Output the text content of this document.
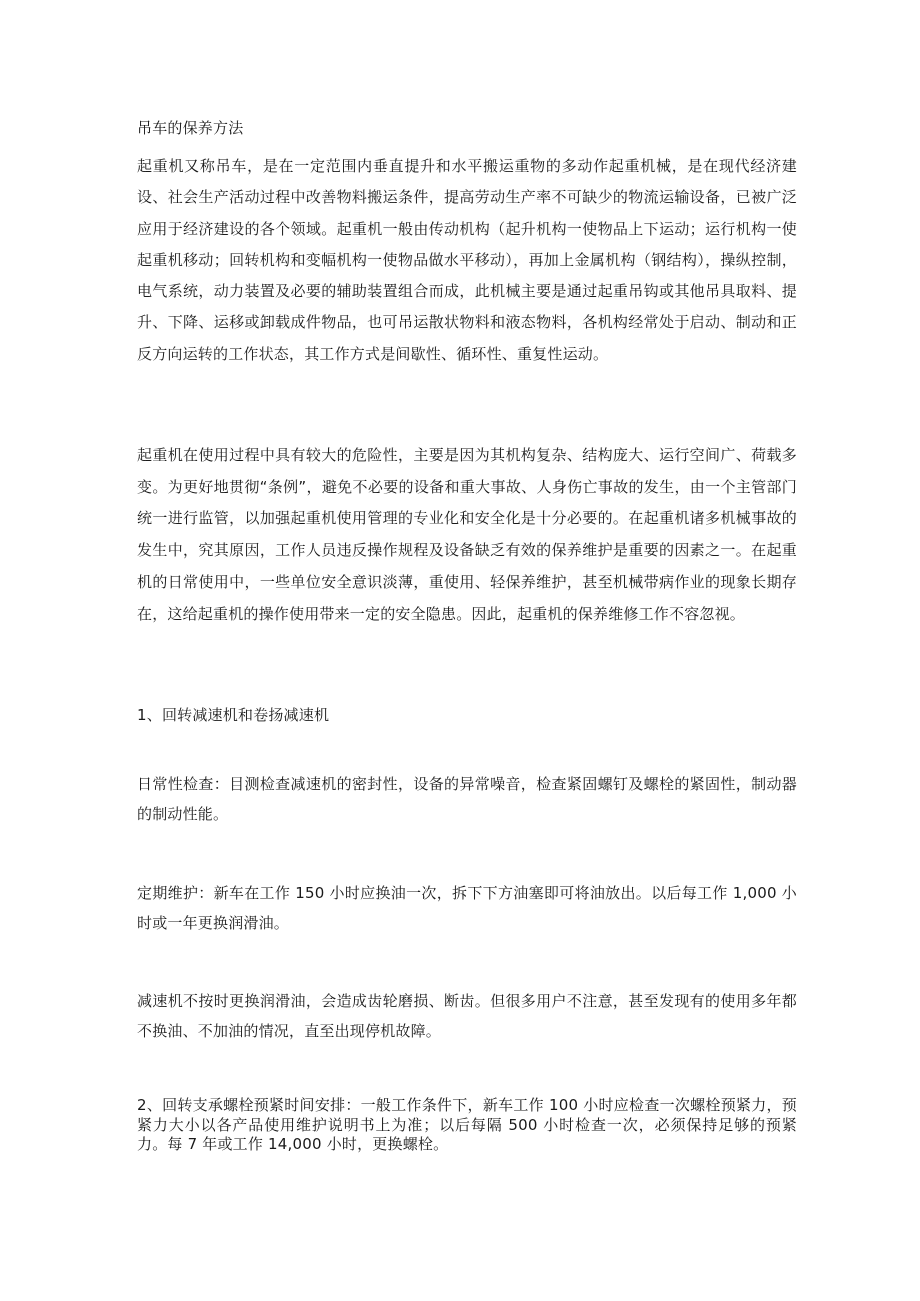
吊车的保养方法

起重机又称吊车，是在一定范围内垂直提升和水平搬运重物的多动作起重机械，是在现代经济建设、社会生产活动过程中改善物料搬运条件，提高劳动生产率不可缺少的物流运输设备，已被广泛应用于经济建设的各个领域。起重机一般由传动机构（起升机构一使物品上下运动；运行机构一使起重机移动；回转机构和变幅机构一使物品做水平移动），再加上金属机构（钢结构），操纵控制，电气系统，动力装置及必要的辅助装置组合而成，此机械主要是通过起重吊钩或其他吊具取料、提升、下降、运移或卸载成件物品，也可吊运散状物料和液态物料，各机构经常处于启动、制动和正反方向运转的工作状态，其工作方式是间歇性、循环性、重复性运动。

起重机在使用过程中具有较大的危险性，主要是因为其机构复杂、结构庞大、运行空间广、荷载多变。为更好地贯彻“条例”，避免不必要的设备和重大事故、人身伤亡事故的发生，由一个主管部门统一进行监管，以加强起重机使用管理的专业化和安全化是十分必要的。在起重机诸多机械事故的发生中，究其原因，工作人员违反操作规程及设备缺乏有效的保养维护是重要的因素之一。在起重机的日常使用中，一些单位安全意识淡薄，重使用、轻保养维护，甚至机械带病作业的现象长期存在，这给起重机的操作使用带来一定的安全隐患。因此，起重机的保养维修工作不容忽视。

1、回转减速机和卷扬减速机

日常性检查：目测检查减速机的密封性，设备的异常噪音，检查紧固螺钉及螺栓的紧固性，制动器的制动性能。

定期维护：新车在工作 150 小时应换油一次，拆下下方油塞即可将油放出。以后每工作 1,000 小时或一年更换润滑油。

减速机不按时更换润滑油，会造成齿轮磨损、断齿。但很多用户不注意，甚至发现有的使用多年都不换油、不加油的情况，直至出现停机故障。

2、回转支承螺栓预紧时间安排：一般工作条件下，新车工作 100 小时应检查一次螺栓预紧力，预紧力大小以各产品使用维护说明书上为准；以后每隔 500 小时检查一次，必须保持足够的预紧力。每 7 年或工作 14,000 小时，更换螺栓。
